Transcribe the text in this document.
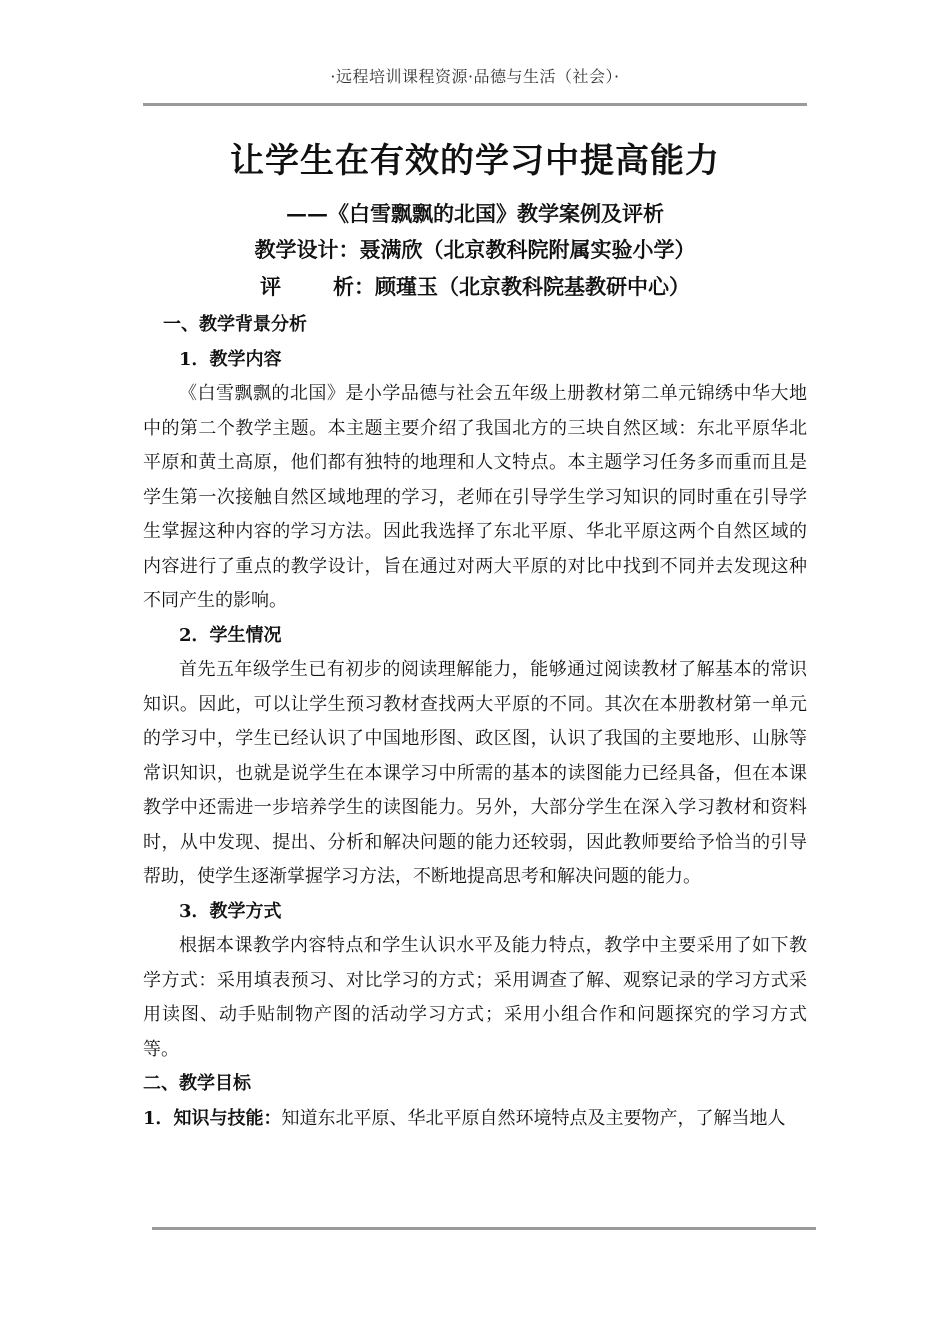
·远程培训课程资源·品德与生活（社会）·
让学生在有效的学习中提高能力
——《白雪飘飘的北国》教学案例及评析
教学设计：聂满欣（北京教科院附属实验小学）
评 析：顾瑾玉（北京教科院基教研中心）
一、教学背景分析
1．教学内容

《白雪飘飘的北国》是小学品德与社会五年级上册教材第二单元锦绣中华大地中的第二个教学主题。本主题主要介绍了我国北方的三块自然区域：东北平原华北平原和黄土高原，他们都有独特的地理和人文特点。本主题学习任务多而重而且是学生第一次接触自然区域地理的学习，老师在引导学生学习知识的同时重在引导学生掌握这种内容的学习方法。因此我选择了东北平原、华北平原这两个自然区域的内容进行了重点的教学设计，旨在通过对两大平原的对比中找到不同并去发现这种不同产生的影响。

2．学生情况

首先五年级学生已有初步的阅读理解能力，能够通过阅读教材了解基本的常识知识。因此，可以让学生预习教材查找两大平原的不同。其次在本册教材第一单元的学习中，学生已经认识了中国地形图、政区图，认识了我国的主要地形、山脉等常识知识，也就是说学生在本课学习中所需的基本的读图能力已经具备，但在本课教学中还需进一步培养学生的读图能力。另外，大部分学生在深入学习教材和资料时，从中发现、提出、分析和解决问题的能力还较弱，因此教师要给予恰当的引导帮助，使学生逐渐掌握学习方法，不断地提高思考和解决问题的能力。

3．教学方式

根据本课教学内容特点和学生认识水平及能力特点，教学中主要采用了如下教学方式：采用填表预习、对比学习的方式；采用调查了解、观察记录的学习方式采用读图、动手贴制物产图的活动学习方式；采用小组合作和问题探究的学习方式等。

二、教学目标

1．知识与技能：知道东北平原、华北平原自然环境特点及主要物产，了解当地人
